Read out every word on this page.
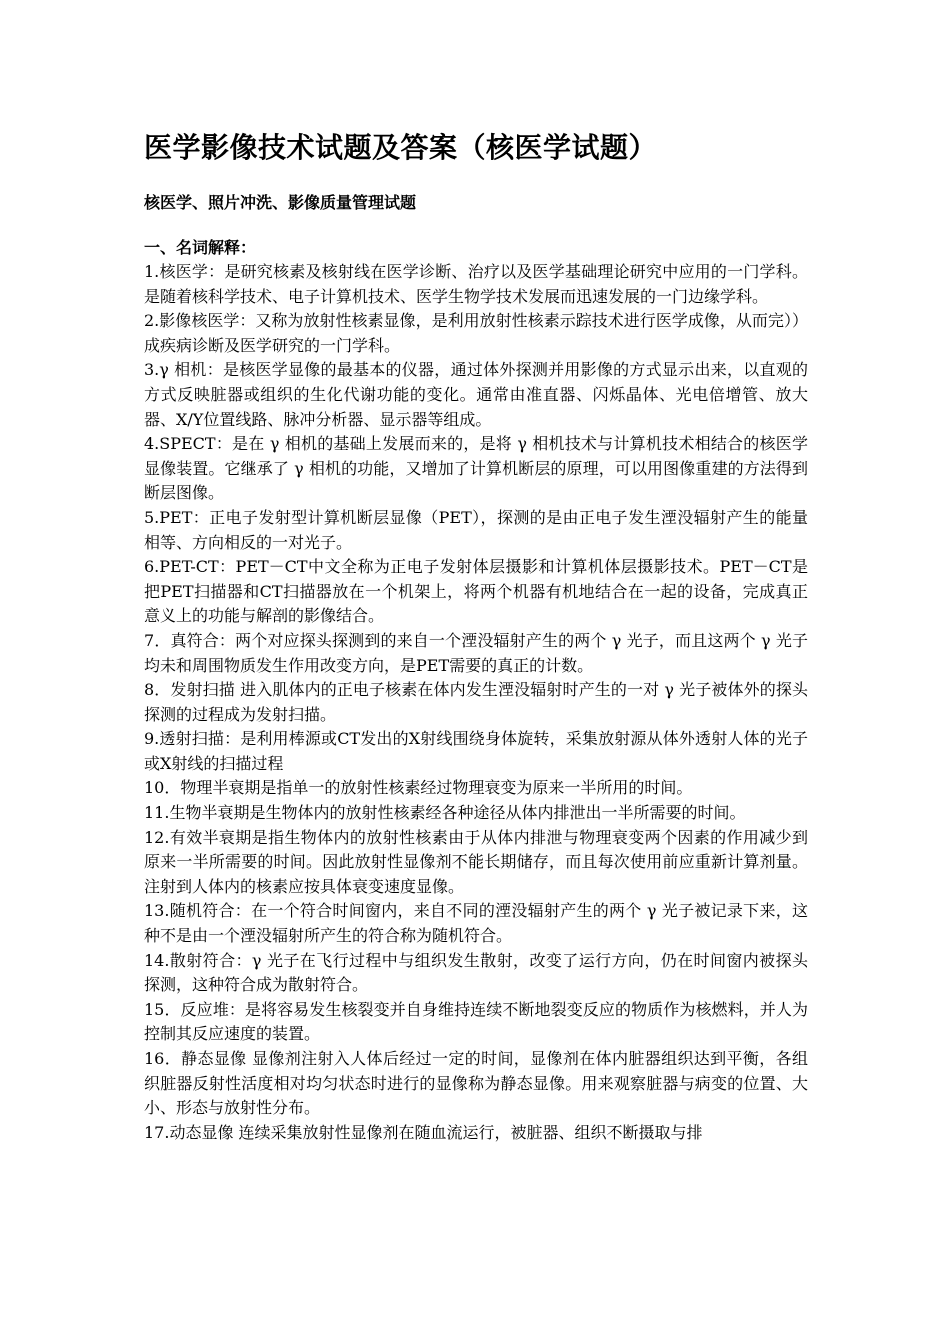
医学影像技术试题及答案（核医学试题）
核医学、照片冲洗、影像质量管理试题
一、名词解释：

1.核医学：是研究核素及核射线在医学诊断、治疗以及医学基础理论研究中应用的一门学科。是随着核科学技术、电子计算机技术、医学生物学技术发展而迅速发展的一门边缘学科。

2.影像核医学：又称为放射性核素显像，是利用放射性核素示踪技术进行医学成像，从而完））成疾病诊断及医学研究的一门学科。

3.γ 相机：是核医学显像的最基本的仪器，通过体外探测并用影像的方式显示出来，以直观的方式反映脏器或组织的生化代谢功能的变化。通常由准直器、闪烁晶体、光电倍增管、放大器、X/Y位置线路、脉冲分析器、显示器等组成。

4.SPECT：是在 γ 相机的基础上发展而来的，是将 γ 相机技术与计算机技术相结合的核医学显像装置。它继承了 γ 相机的功能，又增加了计算机断层的原理，可以用图像重建的方法得到断层图像。

5.PET：正电子发射型计算机断层显像（PET），探测的是由正电子发生湮没辐射产生的能量相等、方向相反的一对光子。

6.PET-CT：PET－CT中文全称为正电子发射体层摄影和计算机体层摄影技术。PET－CT是把PET扫描器和CT扫描器放在一个机架上，将两个机器有机地结合在一起的设备，完成真正意义上的功能与解剖的影像结合。

7．真符合：两个对应探头探测到的来自一个湮没辐射产生的两个 γ 光子，而且这两个 γ 光子均未和周围物质发生作用改变方向，是PET需要的真正的计数。

8．发射扫描 进入肌体内的正电子核素在体内发生湮没辐射时产生的一对 γ 光子被体外的探头探测的过程成为发射扫描。

9.透射扫描：是利用棒源或CT发出的X射线围绕身体旋转，采集放射源从体外透射人体的光子或X射线的扫描过程

10．物理半衰期是指单一的放射性核素经过物理衰变为原来一半所用的时间。

11.生物半衰期是生物体内的放射性核素经各种途径从体内排泄出一半所需要的时间。

12.有效半衰期是指生物体内的放射性核素由于从体内排泄与物理衰变两个因素的作用减少到原来一半所需要的时间。因此放射性显像剂不能长期储存，而且每次使用前应重新计算剂量。注射到人体内的核素应按具体衰变速度显像。

13.随机符合：在一个符合时间窗内，来自不同的湮没辐射产生的两个 γ 光子被记录下来，这种不是由一个湮没辐射所产生的符合称为随机符合。

14.散射符合：γ 光子在飞行过程中与组织发生散射，改变了运行方向，仍在时间窗内被探头探测，这种符合成为散射符合。

15．反应堆：是将容易发生核裂变并自身维持连续不断地裂变反应的物质作为核燃料，并人为控制其反应速度的装置。

16．静态显像 显像剂注射入人体后经过一定的时间，显像剂在体内脏器组织达到平衡，各组织脏器反射性活度相对均匀状态时进行的显像称为静态显像。用来观察脏器与病变的位置、大小、形态与放射性分布。

17.动态显像 连续采集放射性显像剂在随血流运行，被脏器、组织不断摄取与排
